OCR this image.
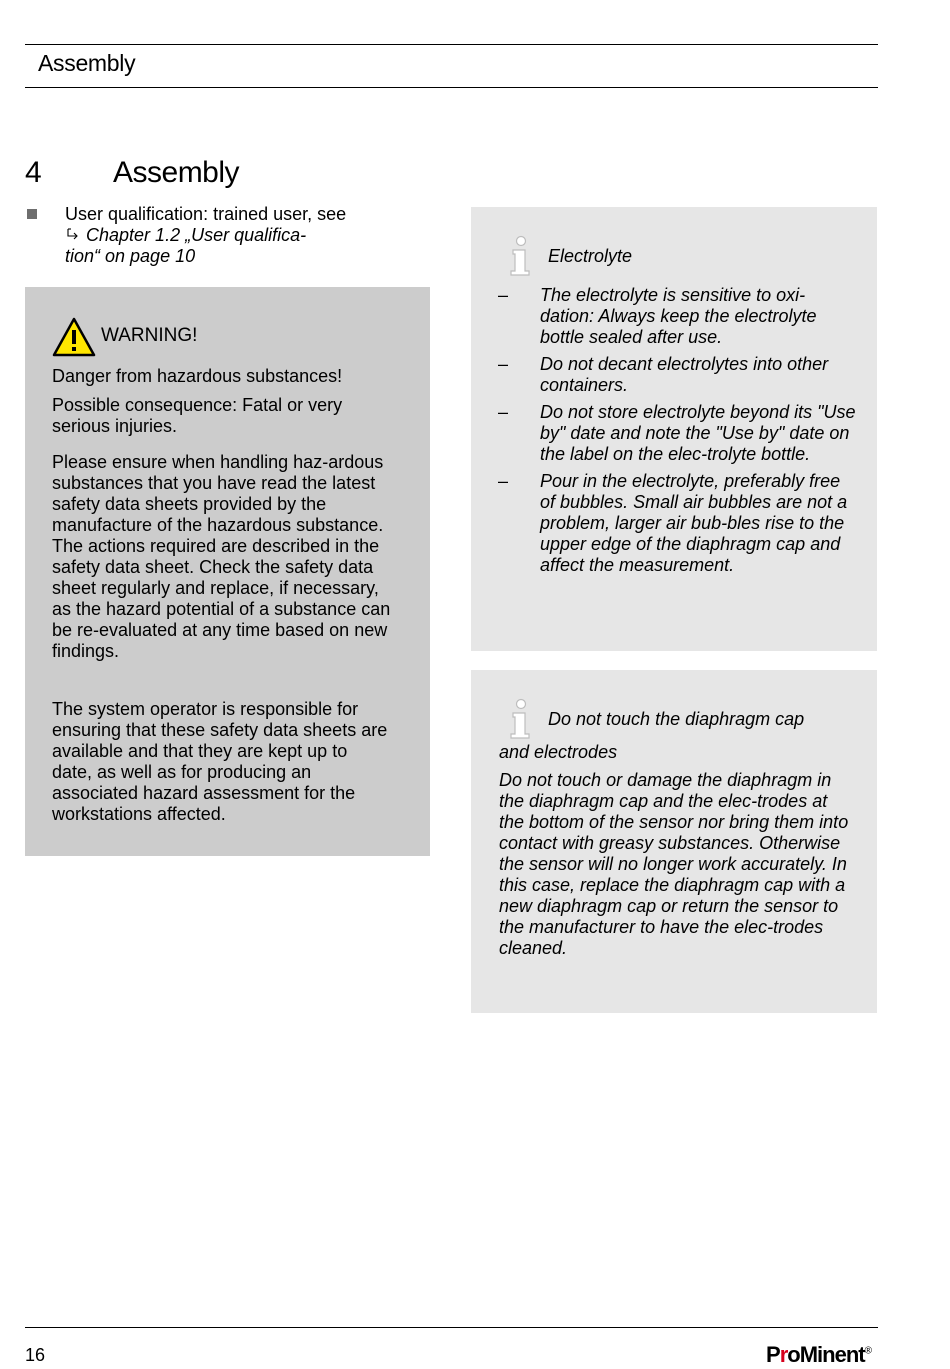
Assembly
4 Assembly
User qualification: trained user, see
Chapter 1.2 „User qualifica-
tion“ on page 10
WARNING!
Danger from hazardous substances!
Possible consequence: Fatal or very serious injuries.
Please ensure when handling haz-ardous substances that you have read the latest safety data sheets provided by the manufacture of the hazardous substance. The actions required are described in the safety data sheet. Check the safety data sheet regularly and replace, if necessary, as the hazard potential of a substance can be re-evaluated at any time based on new findings.
The system operator is responsible for ensuring that these safety data sheets are available and that they are kept up to date, as well as for producing an associated hazard assessment for the workstations affected.
Electrolyte
– The electrolyte is sensitive to oxi-dation: Always keep the electrolyte bottle sealed after use.
– Do not decant electrolytes into other containers.
– Do not store electrolyte beyond its "Use by" date and note the "Use by" date on the label on the elec-trolyte bottle.
– Pour in the electrolyte, preferably free of bubbles. Small air bubbles are not a problem, larger air bub-bles rise to the upper edge of the diaphragm cap and affect the measurement.
Do not touch the diaphragm cap
and electrodes
Do not touch or damage the diaphragm in the diaphragm cap and the elec-trodes at the bottom of the sensor nor bring them into contact with greasy substances. Otherwise the sensor will no longer work accurately. In this case, replace the diaphragm cap with a new diaphragm cap or return the sensor to the manufacturer to have the elec-trodes cleaned.
16	ProMinent®
